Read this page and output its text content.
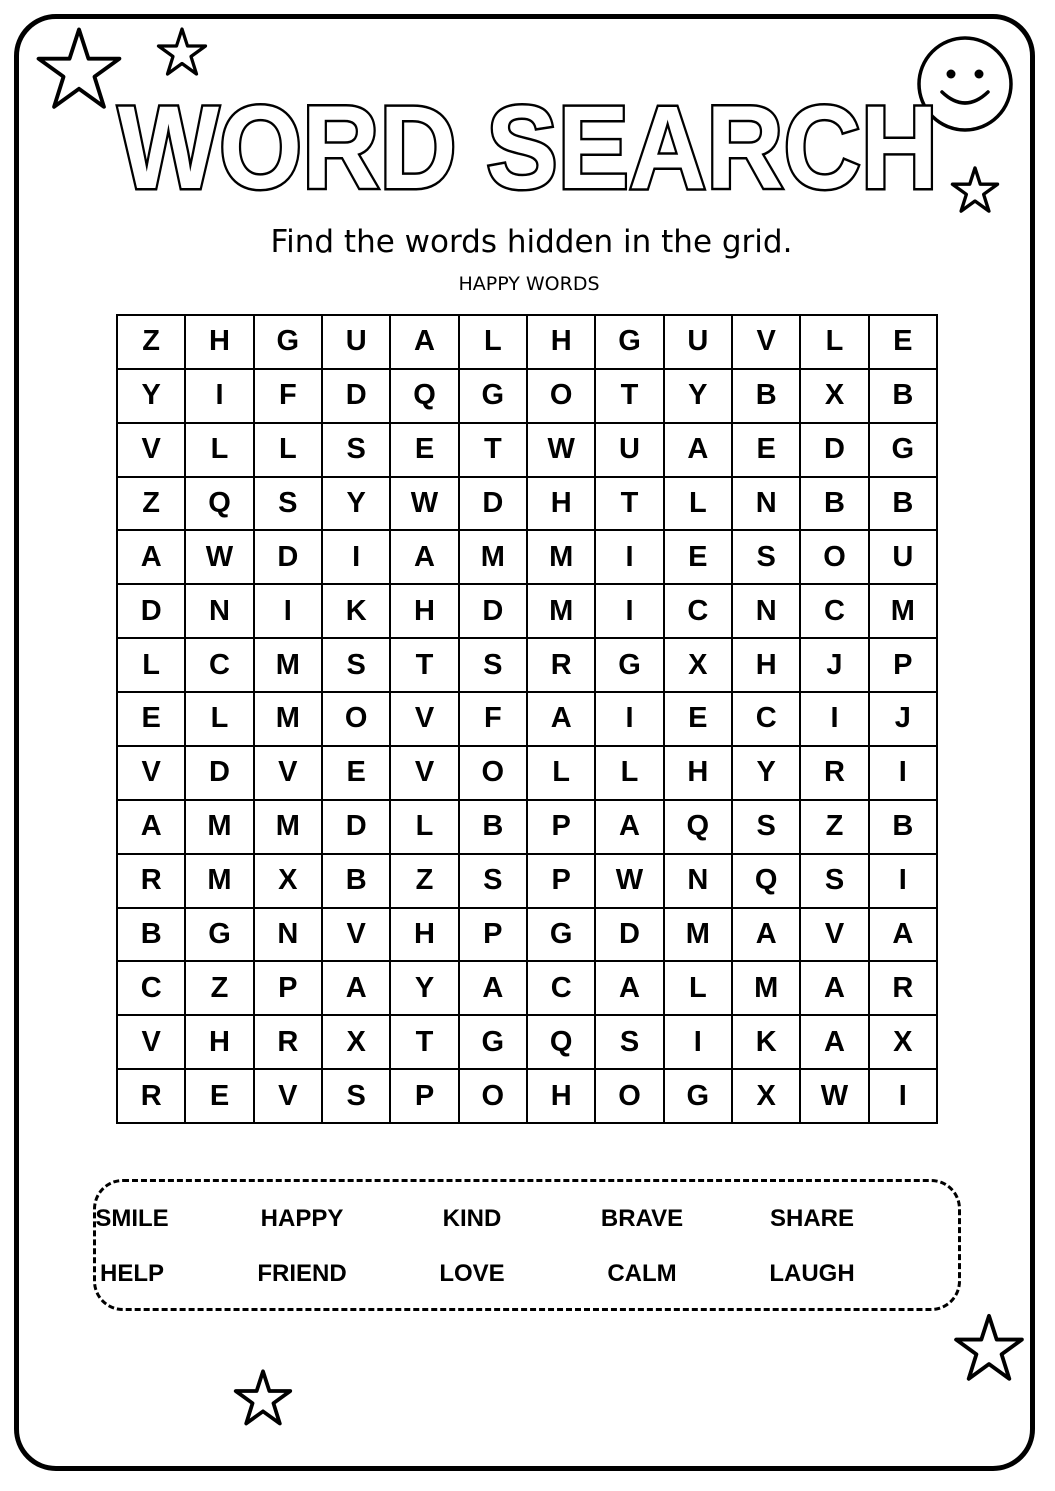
WORD SEARCH
Find the words hidden in the grid.
HAPPY WORDS
Z	H	G	U	A	L	H	G	U	V	L	E
Y	I	F	D	Q	G	O	T	Y	B	X	B
V	L	L	S	E	T	W	U	A	E	D	G
Z	Q	S	Y	W	D	H	T	L	N	B	B
A	W	D	I	A	M	M	I	E	S	O	U
D	N	I	K	H	D	M	I	C	N	C	M
L	C	M	S	T	S	R	G	X	H	J	P
E	L	M	O	V	F	A	I	E	C	I	J
V	D	V	E	V	O	L	L	H	Y	R	I
A	M	M	D	L	B	P	A	Q	S	Z	B
R	M	X	B	Z	S	P	W	N	Q	S	I
B	G	N	V	H	P	G	D	M	A	V	A
C	Z	P	A	Y	A	C	A	L	M	A	R
V	H	R	X	T	G	Q	S	I	K	A	X
R	E	V	S	P	O	H	O	G	X	W	I
SMILE	HAPPY	KIND	BRAVE	SHARE
HELP	FRIEND	LOVE	CALM	LAUGH
